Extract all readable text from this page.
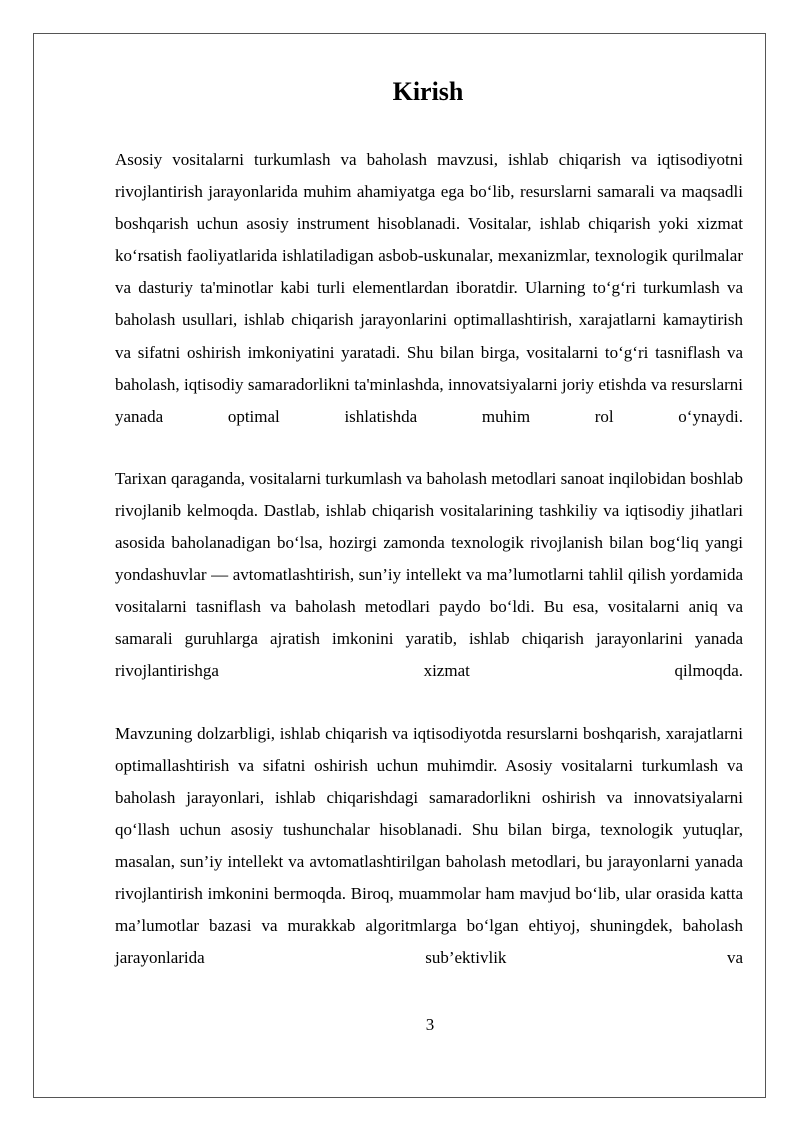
Kirish

Asosiy vositalarni turkumlash va baholash mavzusi, ishlab chiqarish va iqtisodiyotni rivojlantirish jarayonlarida muhim ahamiyatga ega bo‘lib, resurslarni samarali va maqsadli boshqarish uchun asosiy instrument hisoblanadi. Vositalar, ishlab chiqarish yoki xizmat ko‘rsatish faoliyatlarida ishlatiladigan asbob-uskunalar, mexanizmlar, texnologik qurilmalar va dasturiy ta'minotlar kabi turli elementlardan iboratdir. Ularning to‘g‘ri turkumlash va baholash usullari, ishlab chiqarish jarayonlarini optimallashtirish, xarajatlarni kamaytirish va sifatni oshirish imkoniyatini yaratadi. Shu bilan birga, vositalarni to‘g‘ri tasniflash va baholash, iqtisodiy samaradorlikni ta'minlashda, innovatsiyalarni joriy etishda va resurslarni yanada optimal ishlatishda muhim rol o‘ynaydi.

Tarixan qaraganda, vositalarni turkumlash va baholash metodlari sanoat inqilobidan boshlab rivojlanib kelmoqda. Dastlab, ishlab chiqarish vositalarining tashkiliy va iqtisodiy jihatlari asosida baholanadigan bo‘lsa, hozirgi zamonda texnologik rivojlanish bilan bog‘liq yangi yondashuvlar — avtomatlashtirish, sun’iy intellekt va ma’lumotlarni tahlil qilish yordamida vositalarni tasniflash va baholash metodlari paydo bo‘ldi. Bu esa, vositalarni aniq va samarali guruhlarga ajratish imkonini yaratib, ishlab chiqarish jarayonlarini yanada rivojlantirishga xizmat qilmoqda.

Mavzuning dolzarbligi, ishlab chiqarish va iqtisodiyotda resurslarni boshqarish, xarajatlarni optimallashtirish va sifatni oshirish uchun muhimdir. Asosiy vositalarni turkumlash va baholash jarayonlari, ishlab chiqarishdagi samaradorlikni oshirish va innovatsiyalarni qo‘llash uchun asosiy tushunchalar hisoblanadi. Shu bilan birga, texnologik yutuqlar, masalan, sun’iy intellekt va avtomatlashtirilgan baholash metodlari, bu jarayonlarni yanada rivojlantirish imkonini bermoqda. Biroq, muammolar ham mavjud bo‘lib, ular orasida katta ma’lumotlar bazasi va murakkab algoritmlarga bo‘lgan ehtiyoj, shuningdek, baholash jarayonlarida sub’ektivlik va

3
